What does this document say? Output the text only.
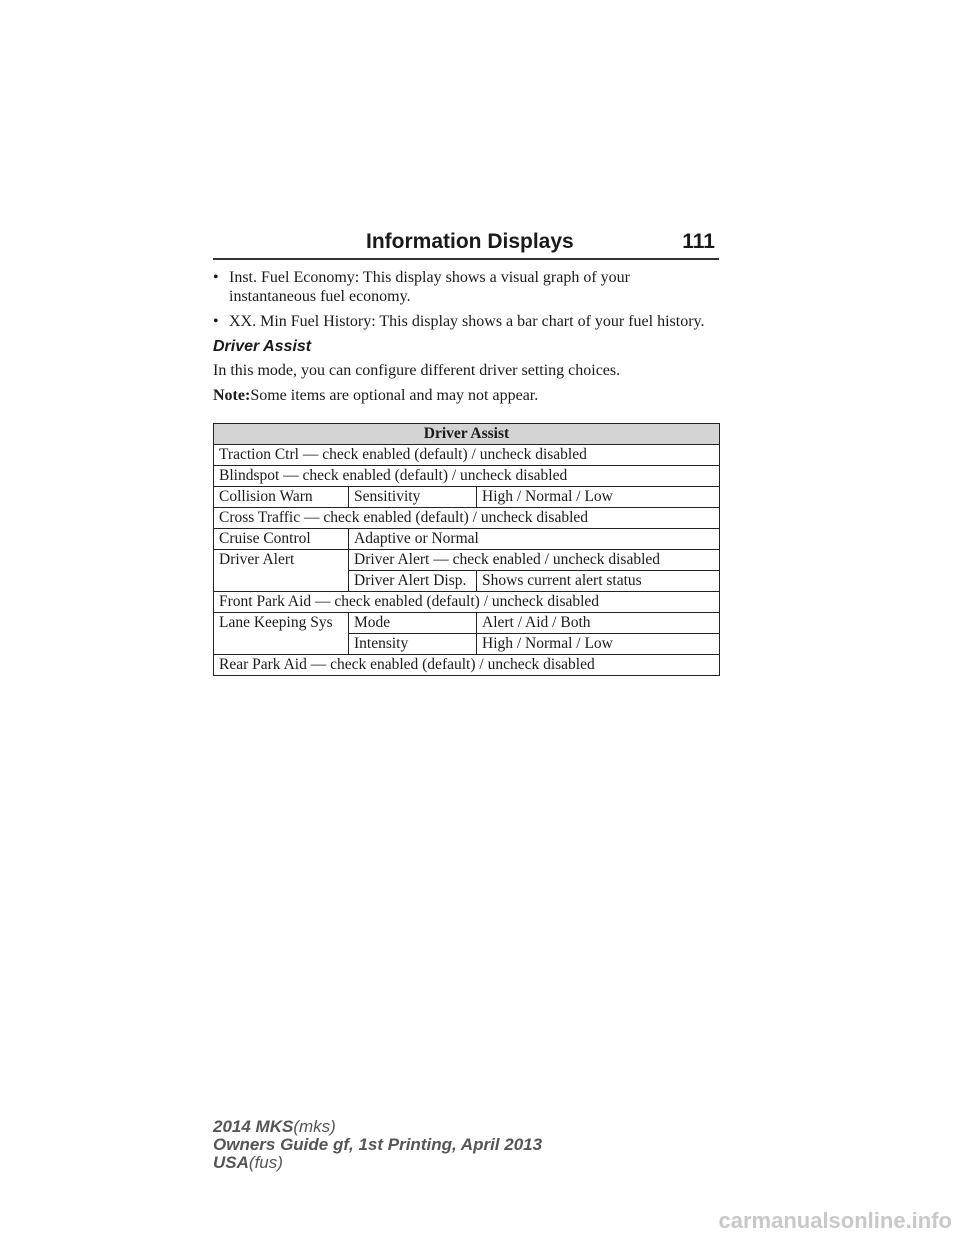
Information Displays	111
• Inst. Fuel Economy: This display shows a visual graph of your instantaneous fuel economy.
• XX. Min Fuel History: This display shows a bar chart of your fuel history.
Driver Assist
In this mode, you can configure different driver setting choices.
Note:Some items are optional and may not appear.
Driver Assist		
Traction Ctrl — check enabled (default) / uncheck disabled		
Blindspot — check enabled (default) / uncheck disabled		
Collision Warn	Sensitivity	High / Normal / Low
Cross Traffic — check enabled (default) / uncheck disabled		
Cruise Control	Adaptive or Normal	
Driver Alert	Driver Alert — check enabled / uncheck disabled	
	Driver Alert Disp.	Shows current alert status
Front Park Aid — check enabled (default) / uncheck disabled		
Lane Keeping Sys	Mode	Alert / Aid / Both
	Intensity	High / Normal / Low
Rear Park Aid — check enabled (default) / uncheck disabled		
2014 MKS(mks)
Owners Guide gf, 1st Printing, April 2013
USA(fus)
carmanualsonline.info
